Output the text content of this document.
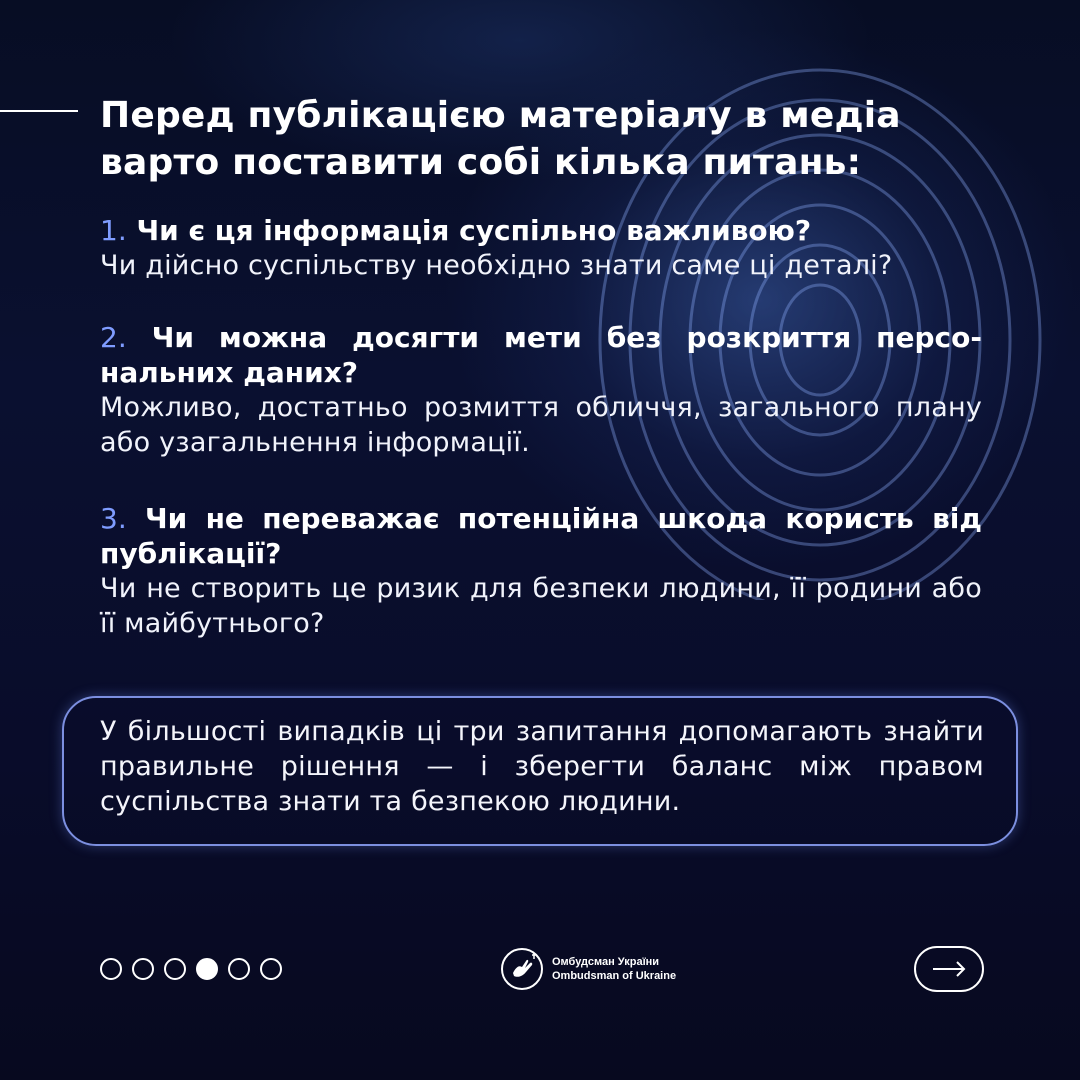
Перед публікацією матеріалу в медіа
варто поставити собі кілька питань:
1. Чи є ця інформація суспільно важливою?
Чи дійсно суспільству необхідно знати саме ці деталі?
2. Чи можна досягти мети без розкриття персо-нальних даних?
Можливо, достатньо розмиття обличчя, загального плану або узагальнення інформації.
3. Чи не переважає потенційна шкода користь від публікації?
Чи не створить це ризик для безпеки людини, її родини або її майбутнього?
У більшості випадків ці три запитання допомагають знайти правильне рішення — і зберегти баланс між правом суспільства знати та безпекою людини.
Омбудсман України
Ombudsman of Ukraine
